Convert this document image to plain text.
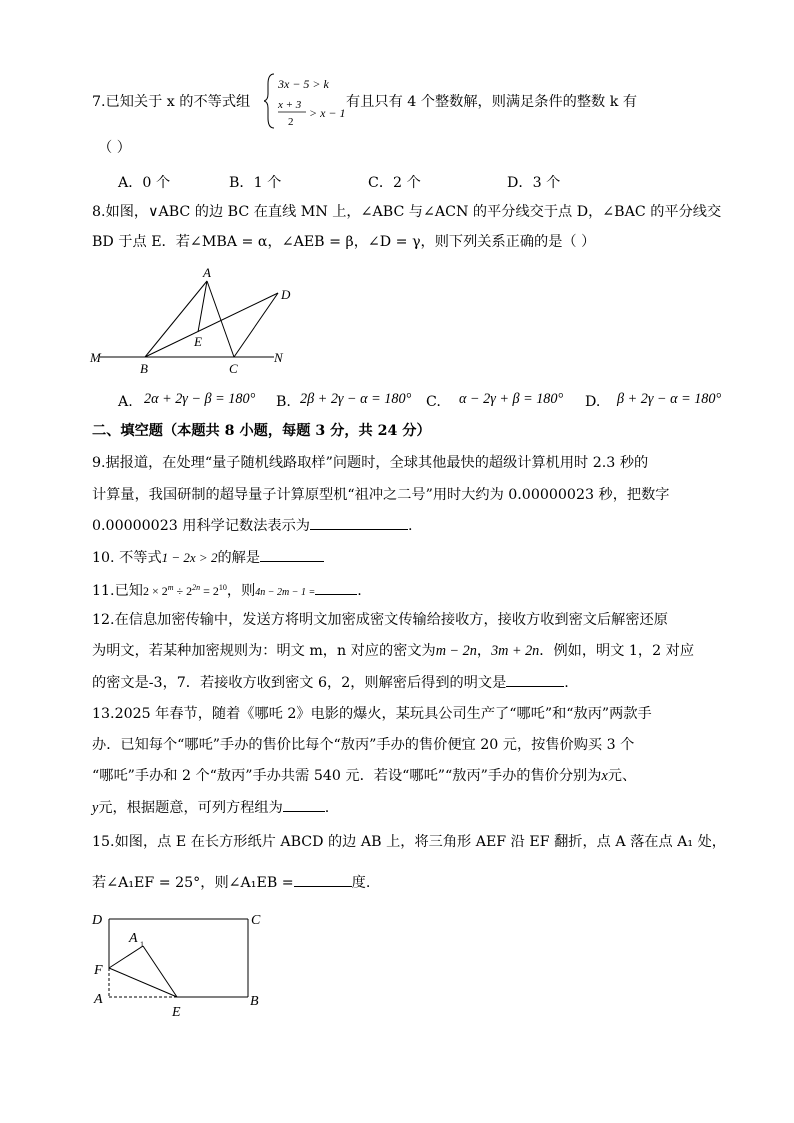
7.已知关于 x 的不等式组
3x − 5 > k
x + 3
2
> x − 1
有且只有 4 个整数解，则满足条件的整数 k 有
（ ）
A．0 个	B．1 个	C．2 个	D．3 个
8.如图，∨ABC 的边 BC 在直线 MN 上，∠ABC 与∠ACN 的平分线交于点 D，∠BAC 的平分线交
BD 于点 E．若∠MBA = α，∠AEB = β，∠D = γ，则下列关系正确的是（ ）
A
D
E
M
B	C
N
A. 2α + 2γ − β = 180° B. 2β + 2γ − α = 180° C. α − 2γ + β = 180° D. β + 2γ − α = 180°
二、填空题（本题共 8 小题，每题 3 分，共 24 分）
9.据报道，在处理“量子随机线路取样”问题时，全球其他最快的超级计算机用时 2.3 秒的
计算量，我国研制的超导量子计算原型机“祖冲之二号”用时大约为 0.00000023 秒，把数字
0.00000023 用科学记数法表示为	.
10. 不等式1 − 2x > 2的解是
11.已知$2 \times 2^m \div 2^{2n} = 2^{10}$，则4n − 2m − 1 =	.
12.在信息加密传输中，发送方将明文加密成密文传输给接收方，接收方收到密文后解密还原
为明文，若某种加密规则为：明文 m，n 对应的密文为m − 2n，3m + 2n．例如，明文 1，2 对应
的密文是-3，7．若接收方收到密文 6，2，则解密后得到的明文是	.
13.2025 年春节，随着《哪吒 2》电影的爆火，某玩具公司生产了“哪吒”和“敖丙”两款手
办．已知每个“哪吒”手办的售价比每个“敖丙”手办的售价便宜 20 元，按售价购买 3 个
“哪吒”手办和 2 个“敖丙”手办共需 540 元．若设“哪吒”“敖丙”手办的售价分别为x元、
y元，根据题意，可列方程组为	.
15.如图，点 E 在长方形纸片 ABCD 的边 AB 上，将三角形 AEF 沿 EF 翻折，点 A 落在点 A₁ 处，
若∠A₁EF = 25°，则∠A₁EB =	度.
D	C
A 1
F
A	B
E
